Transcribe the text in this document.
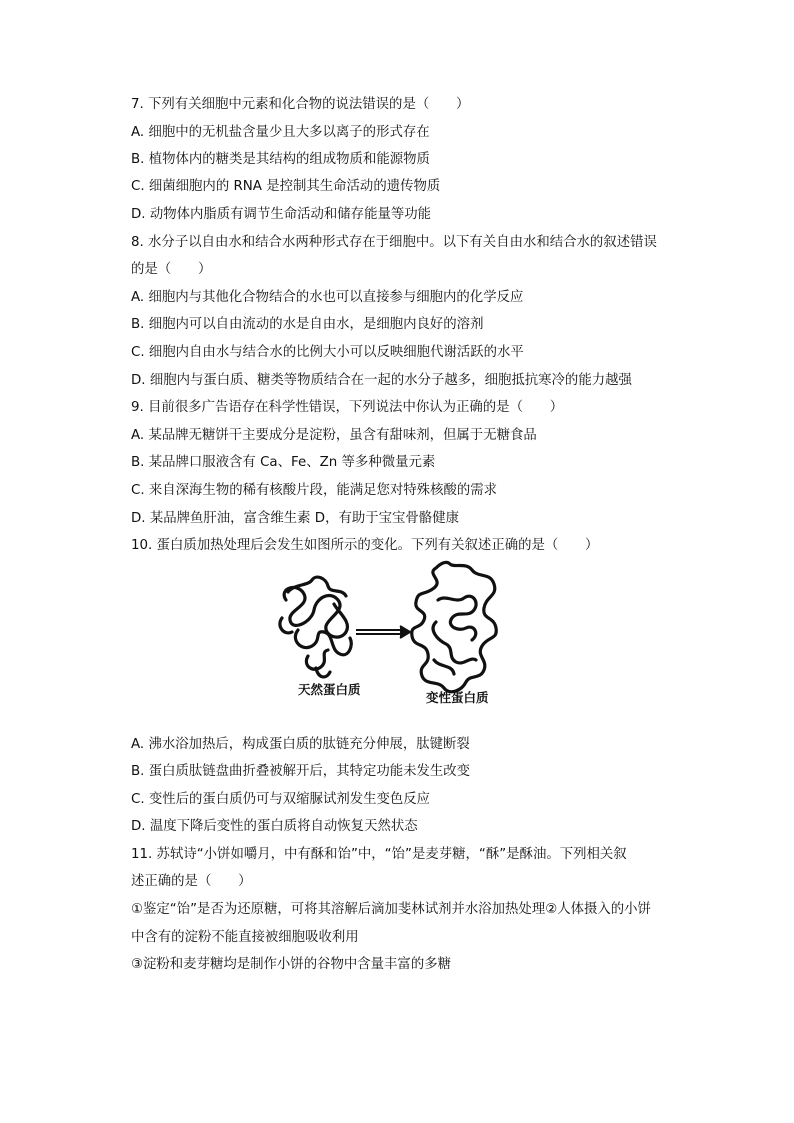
7. 下列有关细胞中元素和化合物的说法错误的是（　　）
A. 细胞中的无机盐含量少且大多以离子的形式存在
B. 植物体内的糖类是其结构的组成物质和能源物质
C. 细菌细胞内的 RNA 是控制其生命活动的遗传物质
D. 动物体内脂质有调节生命活动和储存能量等功能
8. 水分子以自由水和结合水两种形式存在于细胞中。以下有关自由水和结合水的叙述错误
的是（　　）
A. 细胞内与其他化合物结合的水也可以直接参与细胞内的化学反应
B. 细胞内可以自由流动的水是自由水，是细胞内良好的溶剂
C. 细胞内自由水与结合水的比例大小可以反映细胞代谢活跃的水平
D. 细胞内与蛋白质、糖类等物质结合在一起的水分子越多，细胞抵抗寒冷的能力越强
9. 目前很多广告语存在科学性错误，下列说法中你认为正确的是（　　）
A. 某品牌无糖饼干主要成分是淀粉，虽含有甜味剂，但属于无糖食品
B. 某品牌口服液含有 Ca、Fe、Zn 等多种微量元素
C. 来自深海生物的稀有核酸片段，能满足您对特殊核酸的需求
D. 某品牌鱼肝油，富含维生素 D，有助于宝宝骨骼健康
10. 蛋白质加热处理后会发生如图所示的变化。下列有关叙述正确的是（　　）
天然蛋白质
变性蛋白质
A. 沸水浴加热后，构成蛋白质的肽链充分伸展，肽键断裂
B. 蛋白质肽链盘曲折叠被解开后，其特定功能未发生改变
C. 变性后的蛋白质仍可与双缩脲试剂发生变色反应
D. 温度下降后变性的蛋白质将自动恢复天然状态
11. 苏轼诗“小饼如嚼月，中有酥和饴”中，“饴”是麦芽糖，“酥”是酥油。下列相关叙
述正确的是（　　）
①鉴定“饴”是否为还原糖，可将其溶解后滴加斐林试剂并水浴加热处理②人体摄入的小饼
中含有的淀粉不能直接被细胞吸收利用
③淀粉和麦芽糖均是制作小饼的谷物中含量丰富的多糖
